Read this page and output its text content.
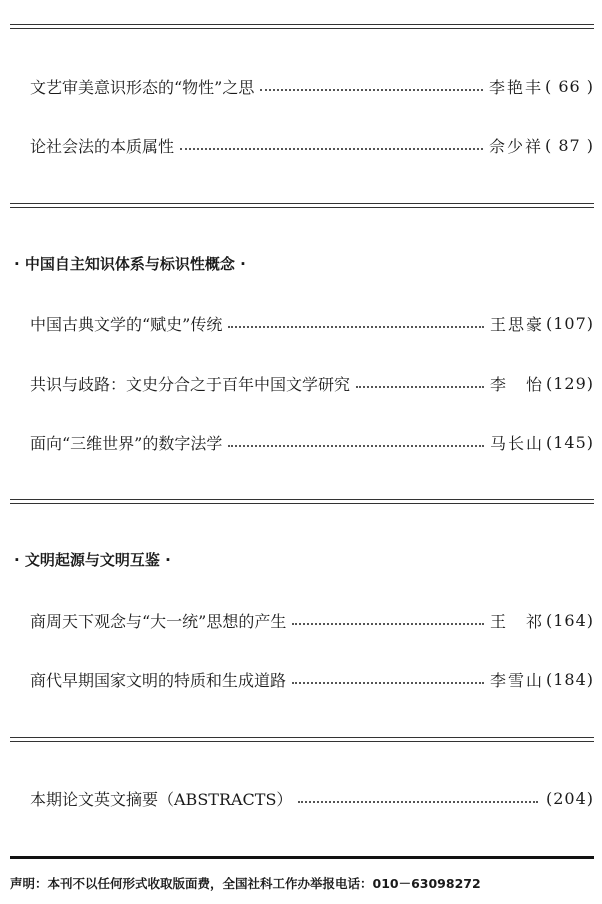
文艺审美意识形态的“物性”之思	李艳丰 ( 66 )
论社会法的本质属性	佘少祥 ( 87 )
· 中国自主知识体系与标识性概念 ·
中国古典文学的“赋史”传统	王思豪 (107)
共识与歧路：文史分合之于百年中国文学研究	李　怡 (129)
面向“三维世界”的数字法学	马长山 (145)
· 文明起源与文明互鉴 ·
商周天下观念与“大一统”思想的产生	王　祁 (164)
商代早期国家文明的特质和生成道路	李雪山 (184)
本期论文英文摘要（ABSTRACTS）	(204)
声明：本刊不以任何形式收取版面费，全国社科工作办举报电话：010－63098272
